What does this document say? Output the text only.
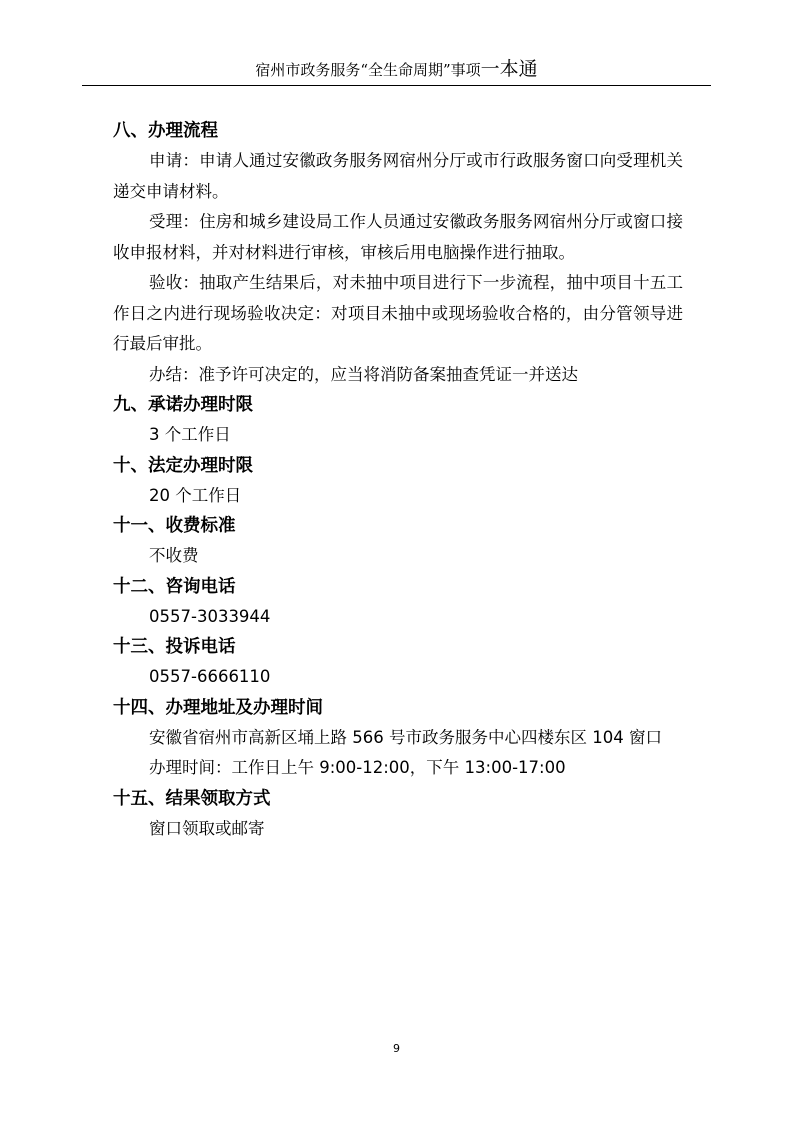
宿州市政务服务“全生命周期”事项一本通

八、办理流程

申请：申请人通过安徽政务服务网宿州分厅或市行政服务窗口向受理机关递交申请材料。

受理：住房和城乡建设局工作人员通过安徽政务服务网宿州分厅或窗口接收申报材料，并对材料进行审核，审核后用电脑操作进行抽取。

验收：抽取产生结果后，对未抽中项目进行下一步流程，抽中项目十五工作日之内进行现场验收决定：对项目未抽中或现场验收合格的，由分管领导进行最后审批。

办结：准予许可决定的，应当将消防备案抽查凭证一并送达

九、承诺办理时限

3 个工作日

十、法定办理时限

20 个工作日

十一、收费标准

不收费

十二、咨询电话

0557-3033944

十三、投诉电话

0557-6666110

十四、办理地址及办理时间

安徽省宿州市高新区埇上路 566 号市政务服务中心四楼东区 104 窗口

办理时间：工作日上午 9:00-12:00，下午 13:00-17:00

十五、结果领取方式

窗口领取或邮寄

9
